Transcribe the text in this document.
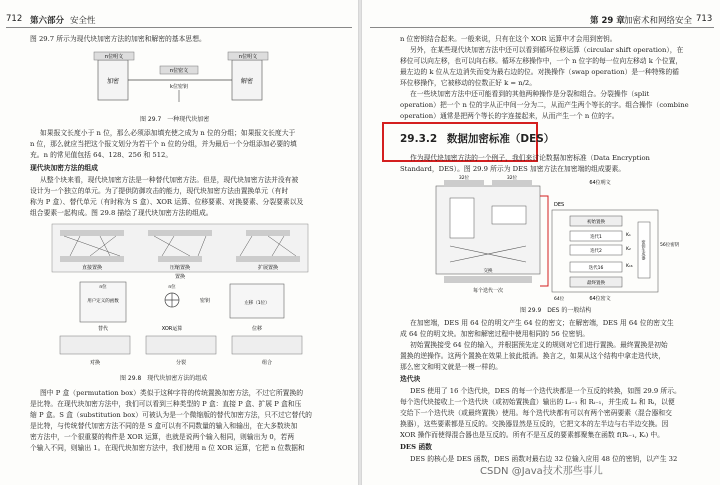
712 第六部分 安全性
图 29.7 所示为现代块加密方法的加密和解密的基本思想。
n位明文
n位密文
n位明文
加密	解密
k位密钥
图 29.7　一种现代块加密
如果报文长度小于 n 位，那么必须添加填充使之成为 n 位的分组；如果报文长度大于
n 位，那么就应当把这个报文划分为若干个 n 位的分组，并为最后一个分组添加必要的填
充。n 的常见值包括 64、128、256 和 512。
现代块加密方法的组成
从整个块来看，现代块加密方法是一种替代加密方法。但是，现代块加密方法并没有被
设计为一个独立的单元。为了提供防御攻击的能力，现代块加密方法由置换单元（有时
称为 P 盒）、替代单元（有时称为 S 盒）、XOR 运算、位移要素、对换要素、分裂要素以及
组合要素一起构成。图 29.8 描绘了现代块加密方法的组成。
直接置换	压缩置换	扩展置换
置换
n位
用户定义的函数
替代
密钥
XOR运算
n位
左移（1位）
位移
对换	分裂	组合
图 29.8　现代块加密方法的组成
图中 P 盒（permutation box）类似于这种字符的传统置换加密方法，不过它所置换的
是比特。在现代块加密方法中，我们可以看到三种类型的 P 盒：直接 P 盒、扩展 P 盒和压
缩 P 盒。S 盒（substitution box）可被认为是一个微缩版的替代加密方法，只不过它替代的
是比特，与传统替代加密方法不同的是 S 盒可以有不同数量的输入和输出，在大多数块加
密方法中，一个很重要的构件是 XOR 运算，也就是说两个输入相同，则输出为 0，若两
个输入不同，则输出 1。在现代块加密方法中，我们使用 n 位 XOR 运算，它把 n 位数据和
第 29 章 加密术和网络安全 713
n 位密钥结合起来。一般来说，只有在这个 XOR 运算中才会用到密钥。
另外，在某些现代块加密方法中还可以看到循环位移运算（circular shift operation），在
移位可以向左移，也可以向右移。循环左移操作中，一个 n 位字的每一位向左移动 k 个位置，
最左边的 k 位从左边消失而变为最右边的位。对换操作（swap operation）是一种特殊的循
环位移操作，它被移动的位数正好 k = n/2。
在一些块加密方法中还可能看到的其他两种操作是分裂和组合。分裂操作（split
operation）把一个 n 位的字从正中间一分为二，从而产生两个等长的字。组合操作（combine
operation）通常是把两个等长的字连接起来，从而产生一个 n 位的字。
29.3.2 数据加密标准（DES）
作为现代块加密方法的一个例子，我们来讨论数据加密标准（Data Encryption
Standard，DES）。图 29.9 所示为 DES 加密方法在加密端的组成要素。
32位	32位
交换
每个迭代一次
64位明文
DES
初始置换
迭代1
迭代2
迭代16
最终置换
K₁
K₂
K₁₆
密钥生成器	56位密钥
64位密文
64位
图 29.9　DES 的一般结构
在加密端，DES 用 64 位的明文产生 64 位的密文；在解密端，DES 用 64 位的密文生
成 64 位的明文块。加密和解密过程中使用相同的 56 位密钥。
初始置换接受 64 位的输入，并根据预先定义的规则对它们进行置换。最终置换是初始
置换的逆操作。这两个置换在效果上彼此抵消。换言之，如果从这个结构中拿走迭代块，
那么密文和明文就是一模一样的。
迭代块
DES 使用了 16 个迭代块，DES 的每一个迭代块都是一个互反的转换，如图 29.9 所示。
每个迭代块接收上一个迭代块（或初始置换盒）输出的 Lᵢ₋₁ 和 Rᵢ₋₁，并生成 Lᵢ 和 Rᵢ，以便
交给下一个迭代块（或最终置换）使用。每个迭代块都有可以有两个密码要素（混合器和交
换器），这些要素都是互反的。交换器显然是互反的，它把文本的左半边与右半边交换。因
XOR 操作而使得混合器也是互反的。所有不是互反的要素都聚集在函数 f(Rᵢ₋₁, Kᵢ) 中。
DES 函数
DES 的核心是 DES 函数，DES 函数对最右边 32 位输入应用 48 位的密钥，以产生 32
CSDN @Java技术那些事儿
